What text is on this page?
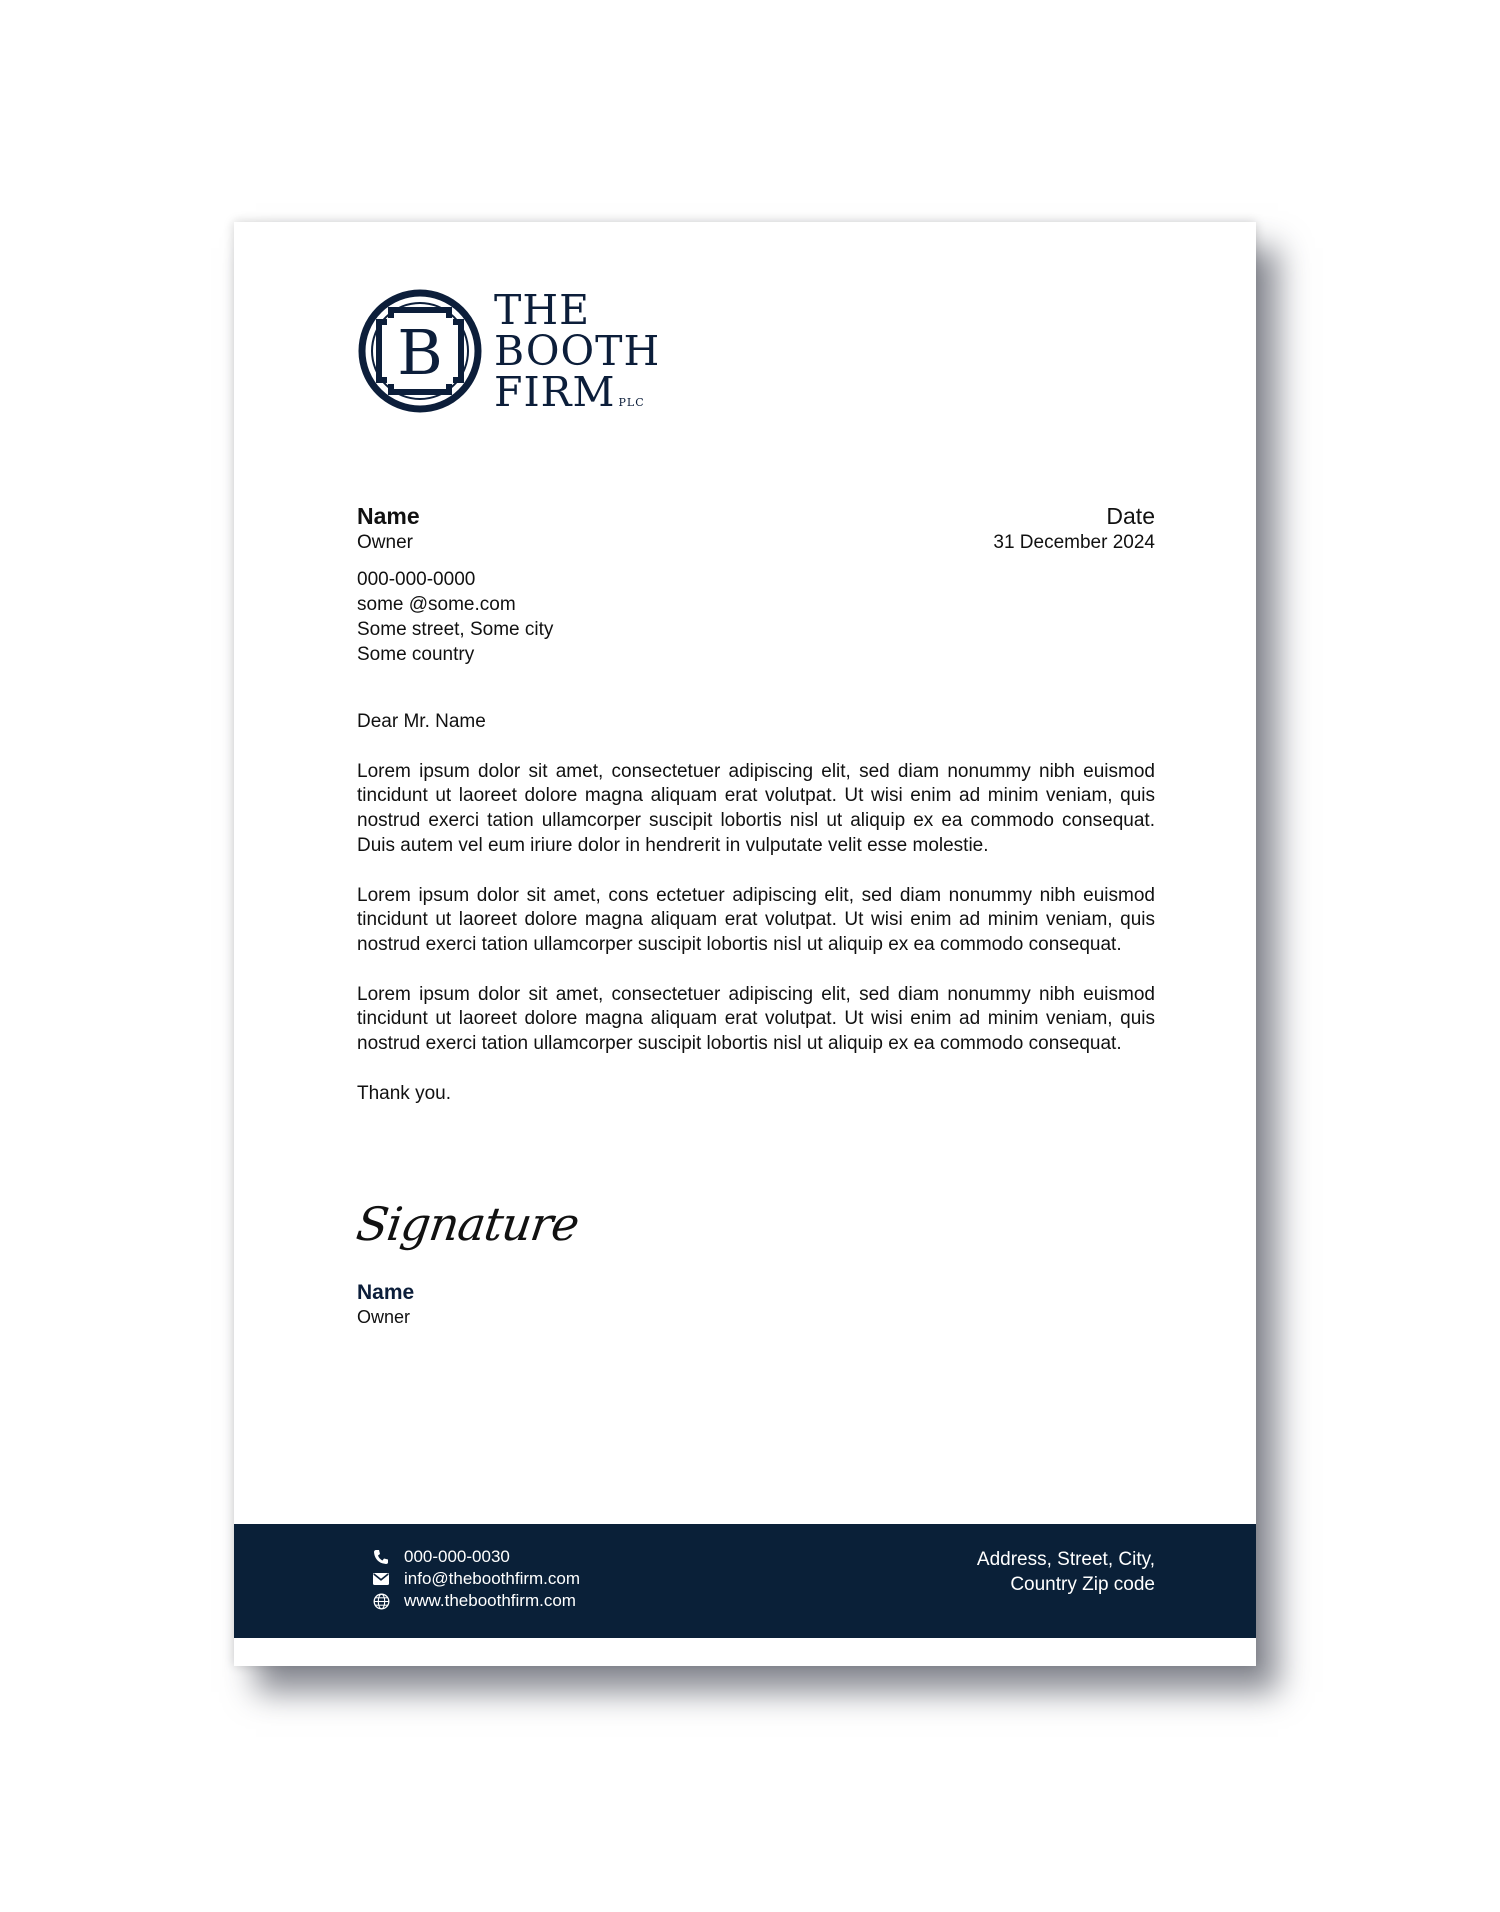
B
THE
BOOTH
FIRM PLC
Name
Owner
000-000-0000
some @some.com
Some street, Some city
Some country
Date
31 December 2024

Dear Mr. Name

Lorem ipsum dolor sit amet, consectetuer adipiscing elit, sed diam nonummy nibh euismod tincidunt ut laoreet dolore magna aliquam erat volutpat. Ut wisi enim ad minim veniam, quis nostrud exerci tation ullamcorper suscipit lobortis nisl ut aliquip ex ea commodo consequat. Duis autem vel eum iriure dolor in hendrerit in vulputate velit esse molestie.

Lorem ipsum dolor sit amet, cons ectetuer adipiscing elit, sed diam nonummy nibh euismod tincidunt ut laoreet dolore magna aliquam erat volutpat. Ut wisi enim ad minim veniam, quis nostrud exerci tation ullamcorper suscipit lobortis nisl ut aliquip ex ea commodo consequat.

Lorem ipsum dolor sit amet, consectetuer adipiscing elit, sed diam nonummy nibh euismod tincidunt ut laoreet dolore magna aliquam erat volutpat. Ut wisi enim ad minim veniam, quis nostrud exerci tation ullamcorper suscipit lobortis nisl ut aliquip ex ea commodo consequat.

Thank you.

Signature
Name
Owner
000-000-0030
info@theboothfirm.com
www.theboothfirm.com
Address, Street, City,
Country Zip code
